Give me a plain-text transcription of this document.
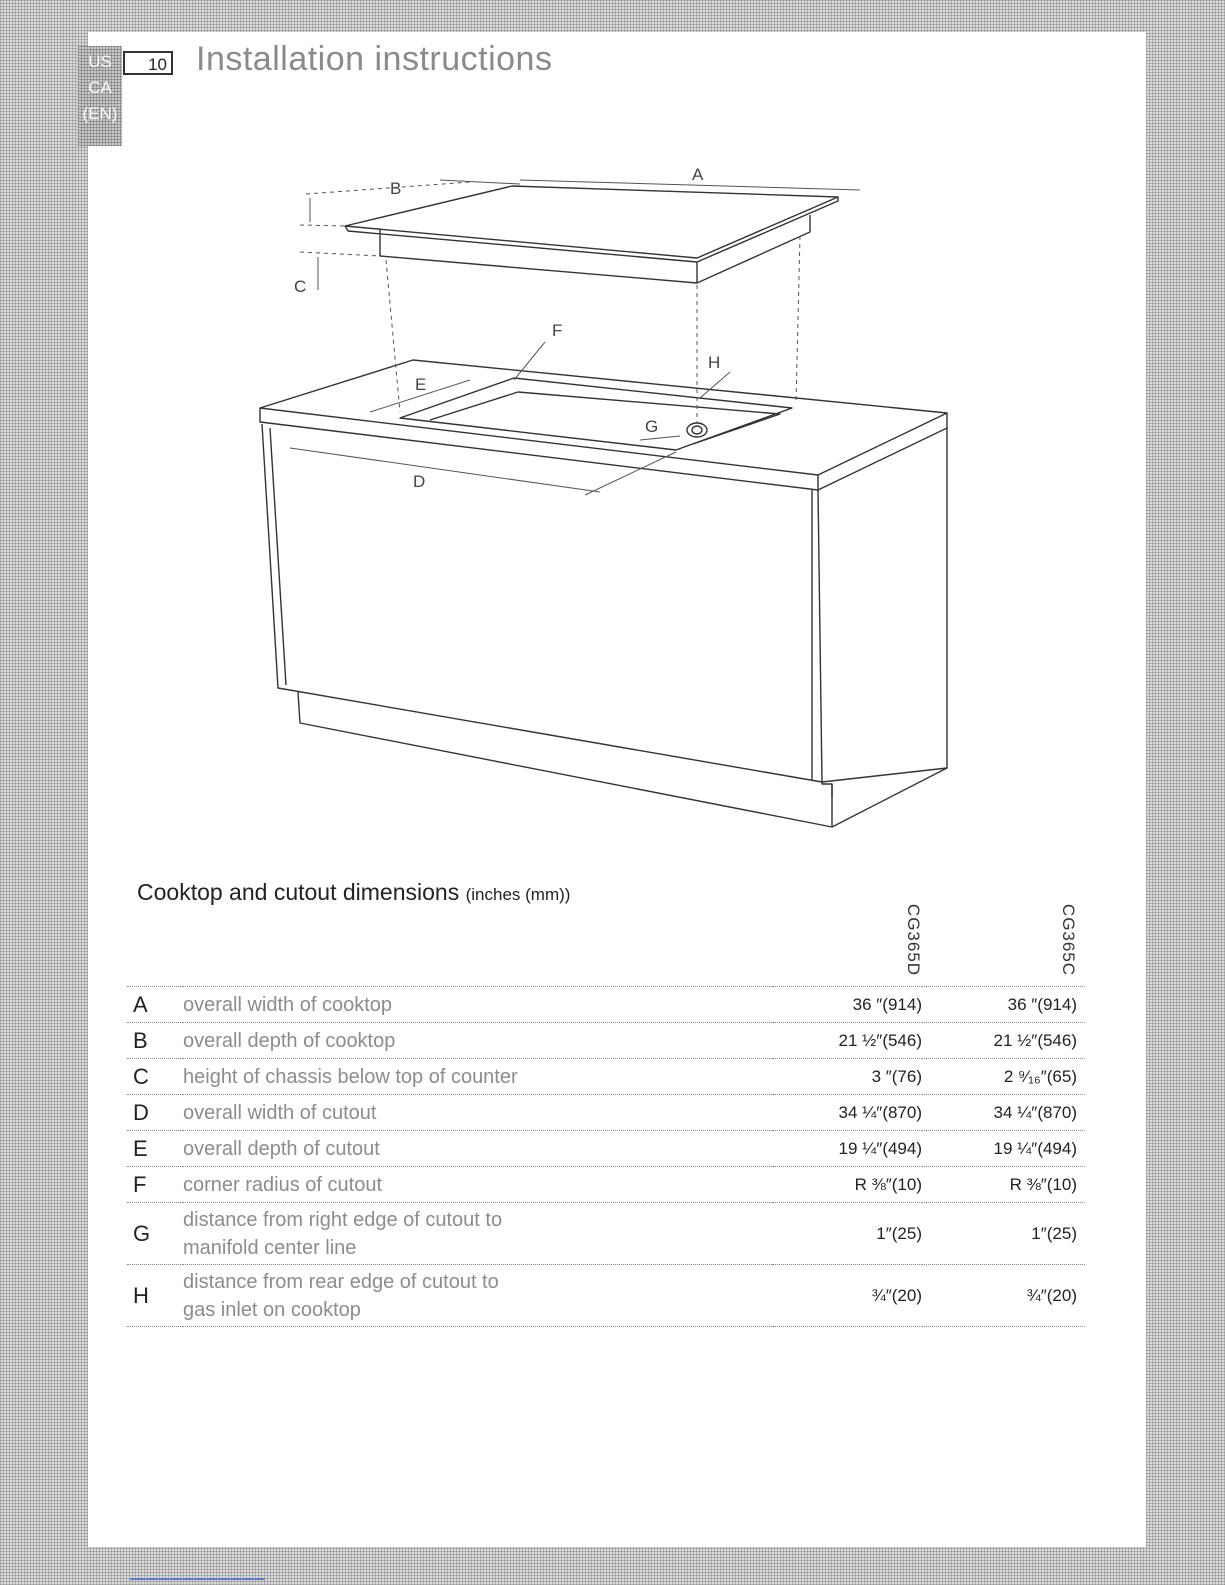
US
CA
(EN)
10 Installation instructions
A
B
C
D
E
F
G
H
Cooktop and cutout dimensions (inches (mm))
CG365D	CG365C
A	overall width of cooktop	36 ″(914)	36 ″(914)
B	overall depth of cooktop	21 ½″(546)	21 ½″(546)
C	height of chassis below top of counter	3 ″(76)	2 ⁹⁄₁₆″(65)
D	overall width of cutout	34 ¼″(870)	34 ¼″(870)
E	overall depth of cutout	19 ¼″(494)	19 ¼″(494)
F	corner radius of cutout	R ⅜″(10)	R ⅜″(10)
G	distance from right edge of cutout to
manifold center line	1″(25)	1″(25)
H	distance from rear edge of cutout to
gas inlet on cooktop	¾″(20)	¾″(20)
